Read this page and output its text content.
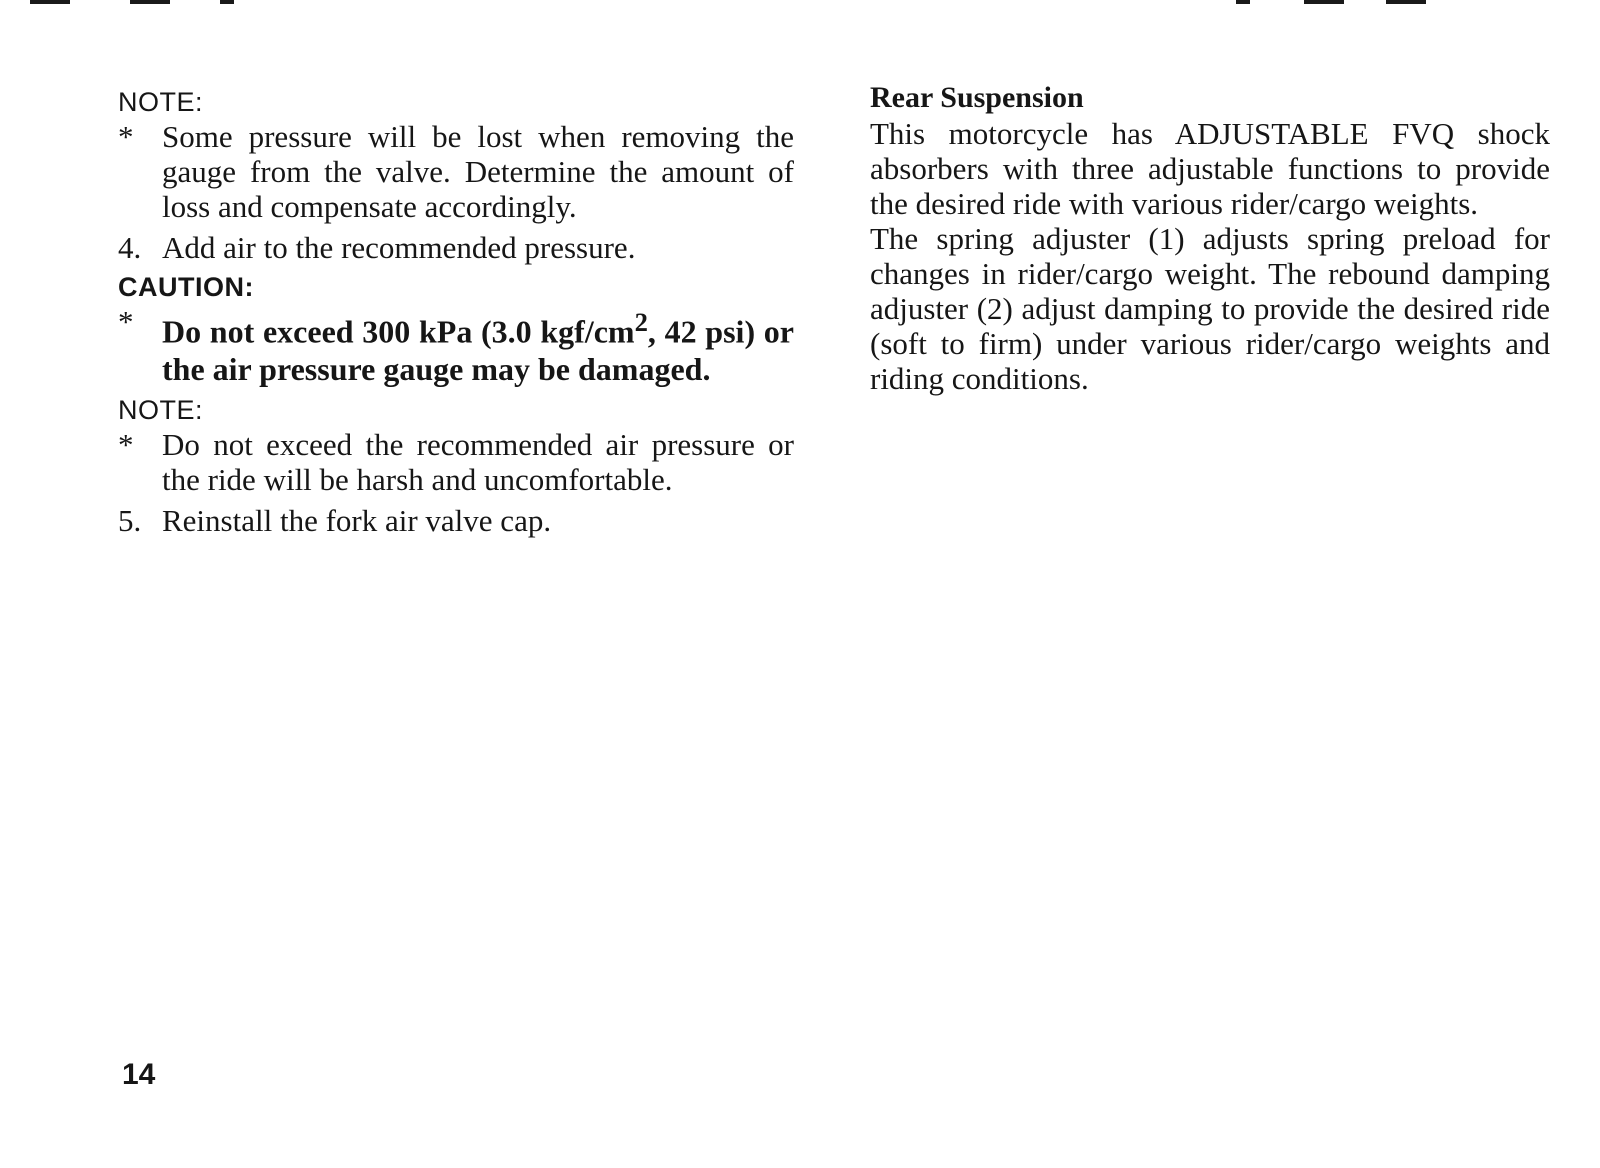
NOTE:
* Some pressure will be lost when removing the gauge from the valve. Determine the amount of loss and compensate accordingly.
4. Add air to the recommended pressure.
CAUTION:
* Do not exceed 300 kPa (3.0 kgf/$cm^2$, 42 psi) or the air pressure gauge may be damaged.
NOTE:
* Do not exceed the recommended air pressure or the ride will be harsh and uncomfortable.
5. Reinstall the fork air valve cap.
Rear Suspension
This motorcycle has ADJUSTABLE FVQ shock absorbers with three adjustable functions to provide the desired ride with various rider/cargo weights.
The spring adjuster (1) adjusts spring preload for changes in rider/cargo weight. The rebound damping adjuster (2) adjust damping to provide the desired ride (soft to firm) under various rider/cargo weights and riding conditions.
14
